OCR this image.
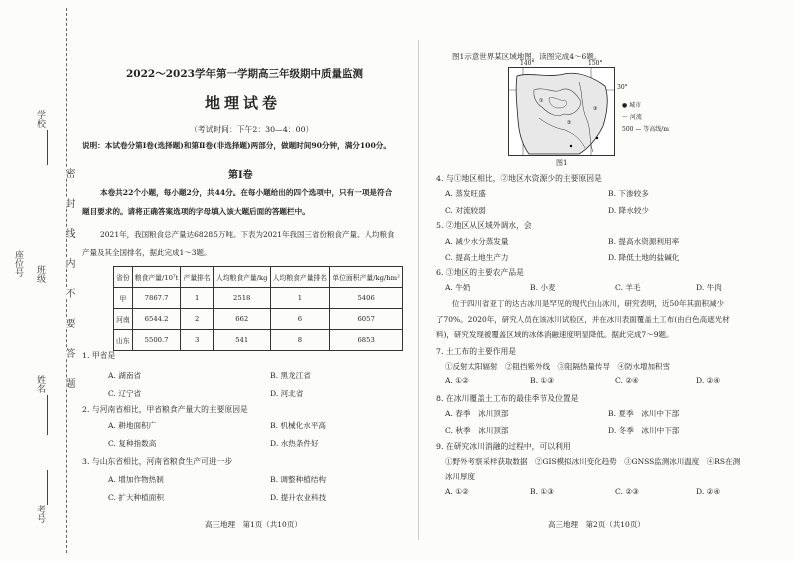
学校
班级
姓名
考号
座位号
密
封
线
内
不
要
答
题
2022～2023学年第一学期高三年级期中质量监测
地理试卷
（考试时间：下午2：30—4：00）
说明：本试卷分第Ⅰ卷(选择题)和第Ⅱ卷(非选择题)两部分，做题时间90分钟，满分100分。
第Ⅰ卷
本卷共22个小题，每小题2分，共44分。在每小题给出的四个选项中，只有一项是符合
题目要求的。请将正确答案选项的字母填入该大题后面的答题栏中。
2021年，我国粮食总产量达68285万吨。下表为2021年我国三省份粮食产量、人均粮食
产量及其全国排名，据此完成1～3题。
省份	粮食产量/10⁷t	产量排名	人均粮食产量/kg	人均粮食产量排名	单位面积产量/kg/hm²
甲	7867.7	1	2518	1	5406
河南	6544.2	2	662	6	6057
山东	5500.7	3	541	8	6853
1. 甲省是
A. 湖南省	B. 黑龙江省
C. 辽宁省	D. 河北省
2. 与河南省相比，甲省粮食产量大的主要原因是
A. 耕地面积广	B. 机械化水平高
C. 复种指数高	D. 水热条件好
3. 与山东省相比，河南省粮食生产可进一步
A. 增加作物热制	B. 调整种植结构
C. 扩大种植面积	D. 提升农业科技
高三地理　第1页（共10页）
图1示意世界某区域地图，读图完成4～6题。
140°	150°
30°
①
②
③	● 城市
～ 河流
500 — 等高线/m
图1
4. 与①地区相比，②地区水资源少的主要原因是
A. 蒸发旺盛	B. 下渗较多
C. 对流较弱	D. 降水较少
5. ②地区从区域外调水，会
A. 减少水分蒸发量	B. 提高水资源利用率
C. 提高土地生产力	D. 降低土地的盐碱化
6. ③地区的主要农产品是
A. 牛奶	B. 小麦	C. 羊毛	D. 牛肉
位于四川省亚丁的达古冰川是罕见的现代白山冰川，研究表明，近50年其面积减少
了70%。2020年，研究人员在该冰川试验区，并在冰川表面覆盖土工布(由白色高遮光材
料)，研究发现被覆盖区域的冰体消融速度明显降低。据此完成7～9题。
7. 土工布的主要作用是
①反射太阳辐射　②阻挡紫外线　③阻隔热量传导　④防水增加积雪
A. ①②	B. ①③	C. ②④	D. ②④
8. 在冰川覆盖土工布的最佳季节及位置是
A. 春季　冰川顶部	B. 夏季　冰川中下部
C. 秋季　冰川顶部	D. 冬季　冰川中下部
9. 在研究冰川消融的过程中，可以利用
①野外考察采样获取数据　②GIS模拟冰川变化趋势　③GNSS监测冰川温度　④RS在测
冰川厚度
A. ①②	B. ①③	C. ②③	D. ②④
高三地理　第2页（共10页）
